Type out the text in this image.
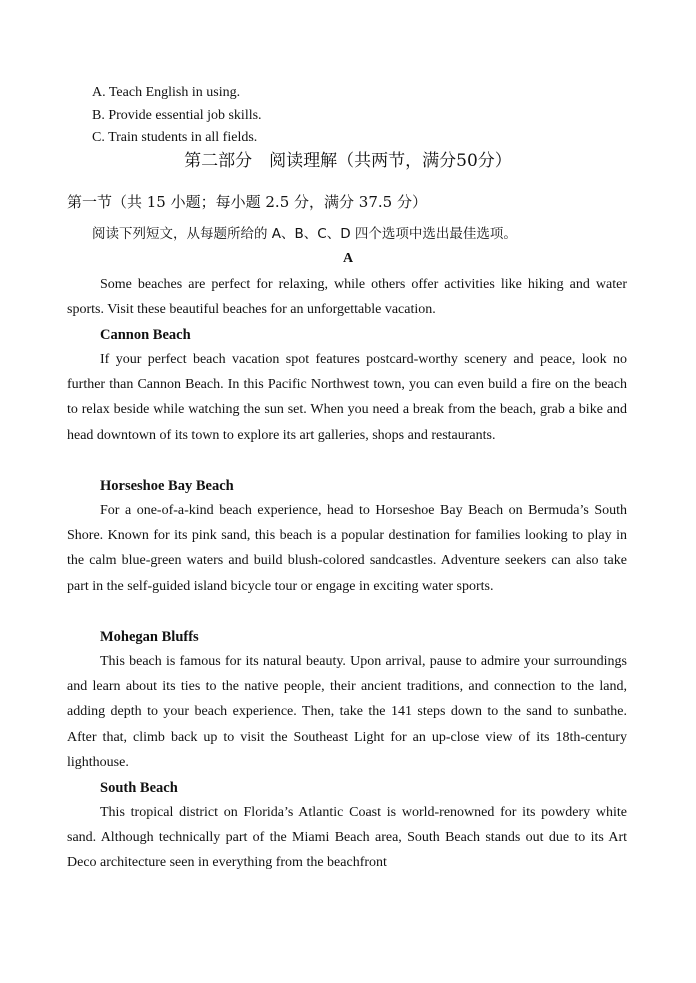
A. Teach English in using.
B. Provide essential job skills.
C. Train students in all fields.
第二部分　阅读理解（共两节，满分50分）
第一节（共 15 小题；每小题 2.5 分，满分 37.5 分）
阅读下列短文，从每题所给的 A、B、C、D 四个选项中选出最佳选项。
A

Some beaches are perfect for relaxing, while others offer activities like hiking and water sports. Visit these beautiful beaches for an unforgettable vacation.

Cannon Beach

If your perfect beach vacation spot features postcard-worthy scenery and peace, look no further than Cannon Beach. In this Pacific Northwest town, you can even build a fire on the beach to relax beside while watching the sun set. When you need a break from the beach, grab a bike and head downtown of its town to explore its art galleries, shops and restaurants.

Horseshoe Bay Beach

For a one-of-a-kind beach experience, head to Horseshoe Bay Beach on Bermuda’s South Shore. Known for its pink sand, this beach is a popular destination for families looking to play in the calm blue-green waters and build blush-colored sandcastles. Adventure seekers can also take part in the self-guided island bicycle tour or engage in exciting water sports.

Mohegan Bluffs

This beach is famous for its natural beauty. Upon arrival, pause to admire your surroundings and learn about its ties to the native people, their ancient traditions, and connection to the land, adding depth to your beach experience. Then, take the 141 steps down to the sand to sunbathe. After that, climb back up to visit the Southeast Light for an up-close view of its 18th-century lighthouse.

South Beach

This tropical district on Florida’s Atlantic Coast is world-renowned for its powdery white sand. Although technically part of the Miami Beach area, South Beach stands out due to its Art Deco architecture seen in everything from the beachfront
